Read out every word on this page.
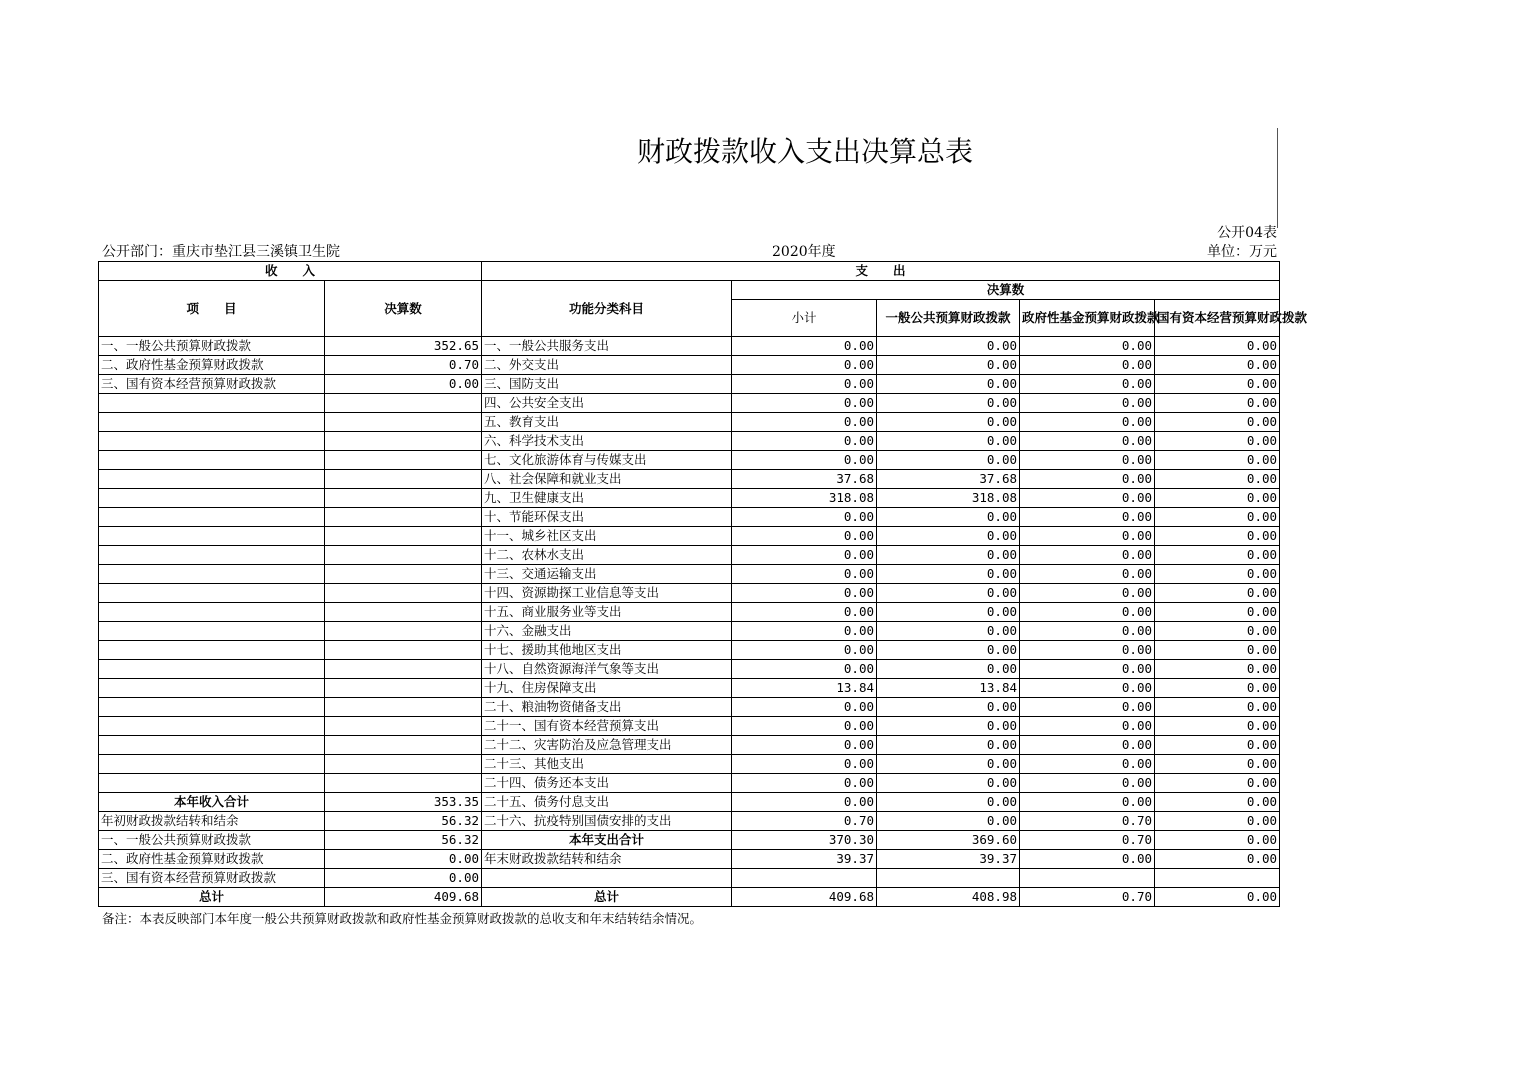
财政拨款收入支出决算总表
公开04表
公开部门：重庆市垫江县三溪镇卫生院	2020年度	单位：万元
收　　入		支　　出				
项　　目	决算数	功能分类科目	决算数			
			小计	一般公共预算财政拨款	政府性基金预算财政拨款	国有资本经营预算财政拨款
一、一般公共预算财政拨款	352.65	一、一般公共服务支出	0.00	0.00	0.00	0.00
二、政府性基金预算财政拨款	0.70	二、外交支出	0.00	0.00	0.00	0.00
三、国有资本经营预算财政拨款	0.00	三、国防支出	0.00	0.00	0.00	0.00
		四、公共安全支出	0.00	0.00	0.00	0.00
		五、教育支出	0.00	0.00	0.00	0.00
		六、科学技术支出	0.00	0.00	0.00	0.00
		七、文化旅游体育与传媒支出	0.00	0.00	0.00	0.00
		八、社会保障和就业支出	37.68	37.68	0.00	0.00
		九、卫生健康支出	318.08	318.08	0.00	0.00
		十、节能环保支出	0.00	0.00	0.00	0.00
		十一、城乡社区支出	0.00	0.00	0.00	0.00
		十二、农林水支出	0.00	0.00	0.00	0.00
		十三、交通运输支出	0.00	0.00	0.00	0.00
		十四、资源勘探工业信息等支出	0.00	0.00	0.00	0.00
		十五、商业服务业等支出	0.00	0.00	0.00	0.00
		十六、金融支出	0.00	0.00	0.00	0.00
		十七、援助其他地区支出	0.00	0.00	0.00	0.00
		十八、自然资源海洋气象等支出	0.00	0.00	0.00	0.00
		十九、住房保障支出	13.84	13.84	0.00	0.00
		二十、粮油物资储备支出	0.00	0.00	0.00	0.00
		二十一、国有资本经营预算支出	0.00	0.00	0.00	0.00
		二十二、灾害防治及应急管理支出	0.00	0.00	0.00	0.00
		二十三、其他支出	0.00	0.00	0.00	0.00
		二十四、债务还本支出	0.00	0.00	0.00	0.00
本年收入合计	353.35	二十五、债务付息支出	0.00	0.00	0.00	0.00
年初财政拨款结转和结余	56.32	二十六、抗疫特别国债安排的支出	0.70	0.00	0.70	0.00
一、一般公共预算财政拨款	56.32	本年支出合计	370.30	369.60	0.70	0.00
二、政府性基金预算财政拨款	0.00	年末财政拨款结转和结余	39.37	39.37	0.00	0.00
三、国有资本经营预算财政拨款	0.00					
总计	409.68	总计	409.68	408.98	0.70	0.00
备注：本表反映部门本年度一般公共预算财政拨款和政府性基金预算财政拨款的总收支和年末结转结余情况。
